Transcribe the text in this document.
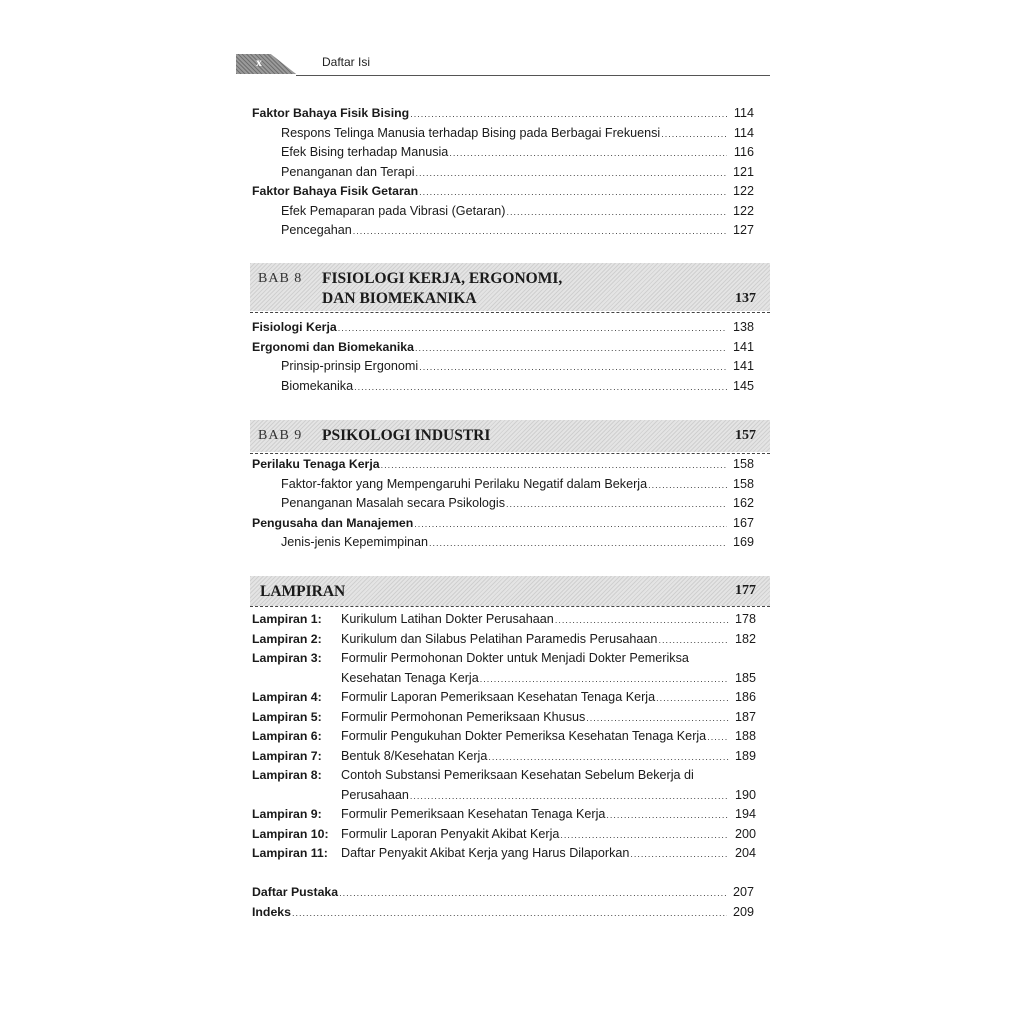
x	Daftar Isi
Faktor Bahaya Fisik Bising .....	114
Respons Telinga Manusia terhadap Bising pada Berbagai Frekuensi .....	114
Efek Bising terhadap Manusia .....	116
Penanganan dan Terapi .....	121
Faktor Bahaya Fisik Getaran .....	122
Efek Pemaparan pada Vibrasi (Getaran) .....	122
Pencegahan .....	127
BAB 8 FISIOLOGI KERJA, ERGONOMI,
DAN BIOMEKANIKA	137
Fisiologi Kerja .....	138
Ergonomi dan Biomekanika .....	141
Prinsip-prinsip Ergonomi .....	141
Biomekanika .....	145
BAB 9 PSIKOLOGI INDUSTRI	157
Perilaku Tenaga Kerja .....	158
Faktor-faktor yang Mempengaruhi Perilaku Negatif dalam Bekerja .....	158
Penanganan Masalah secara Psikologis .....	162
Pengusaha dan Manajemen .....	167
Jenis-jenis Kepemimpinan .....	169
LAMPIRAN	177
Lampiran 1: Kurikulum Latihan Dokter Perusahaan .....	178
Lampiran 2: Kurikulum dan Silabus Pelatihan Paramedis Perusahaan .....	182
Lampiran 3: Formulir Permohonan Dokter untuk Menjadi Dokter Pemeriksa
Kesehatan Tenaga Kerja .....	185
Lampiran 4: Formulir Laporan Pemeriksaan Kesehatan Tenaga Kerja .....	186
Lampiran 5: Formulir Permohonan Pemeriksaan Khusus .....	187
Lampiran 6: Formulir Pengukuhan Dokter Pemeriksa Kesehatan Tenaga Kerja ..... 188
Lampiran 7: Bentuk 8/Kesehatan Kerja .....	189
Lampiran 8: Contoh Substansi Pemeriksaan Kesehatan Sebelum Bekerja di
Perusahaan .....	190
Lampiran 9: Formulir Pemeriksaan Kesehatan Tenaga Kerja .....	194
Lampiran 10: Formulir Laporan Penyakit Akibat Kerja .....	200
Lampiran 11: Daftar Penyakit Akibat Kerja yang Harus Dilaporkan .....	204
Daftar Pustaka .....	207
Indeks .....	209
